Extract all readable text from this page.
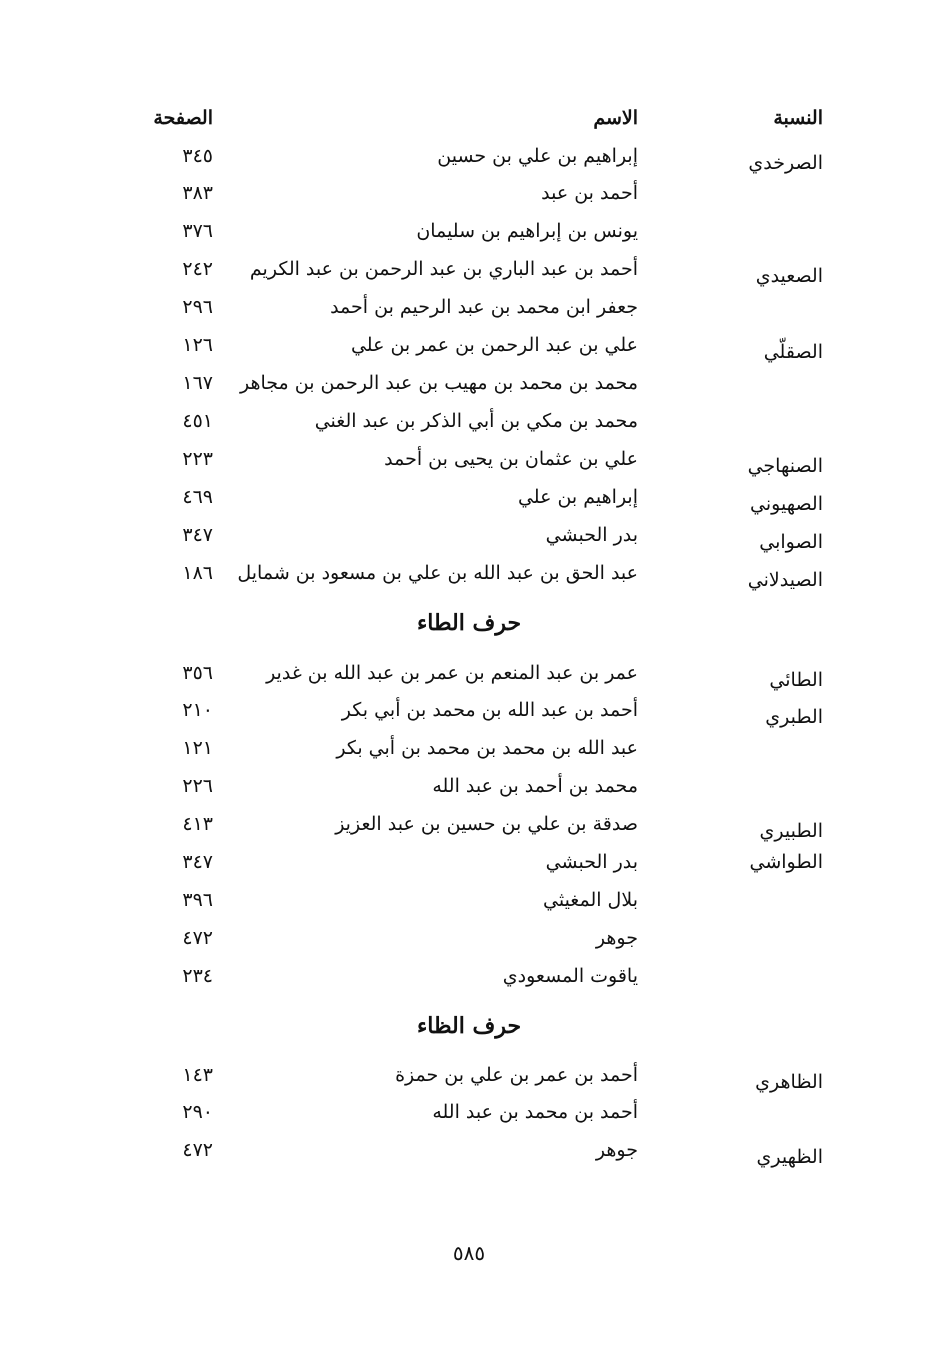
النسبة
الاسم
الصفحة
الصرخدي
إبراهيم بن علي بن حسين
٣٤٥
أحمد بن عبد
٣٨٣
يونس بن إبراهيم بن سليمان
٣٧٦
الصعيدي
أحمد بن عبد الباري بن عبد الرحمن بن عبد الكريم
٢٤٢
جعفر ابن محمد بن عبد الرحيم بن أحمد
٢٩٦
الصقلّي
علي بن عبد الرحمن بن عمر بن علي
١٢٦
محمد بن محمد بن مهيب بن عبد الرحمن بن مجاهر
١٦٧
محمد بن مكي بن أبي الذكر بن عبد الغني
٤٥١
الصنهاجي
علي بن عثمان بن يحيى بن أحمد
٢٢٣
الصهيوني
إبراهيم بن علي
٤٦٩
الصوابي
بدر الحبشي
٣٤٧
الصيدلاني
عبد الحق بن عبد الله بن علي بن مسعود بن شمايل
١٨٦
حرف الطاء
الطائي
عمر بن عبد المنعم بن عمر بن عبد الله بن غدير
٣٥٦
الطبري
أحمد بن عبد الله بن محمد بن أبي بكر
٢١٠
عبد الله بن محمد بن محمد بن أبي بكر
١٢١
محمد بن أحمد بن عبد الله
٢٢٦
الطبيري
صدقة بن علي بن حسين بن عبد العزيز
٤١٣
الطواشي
بدر الحبشي
٣٤٧
بلال المغيثي
٣٩٦
جوهر
٤٧٢
ياقوت المسعودي
٢٣٤
حرف الظاء
الظاهري
أحمد بن عمر بن علي بن حمزة
١٤٣
أحمد بن محمد بن عبد الله
٢٩٠
الظهيري
جوهر
٤٧٢
٥٨٥
